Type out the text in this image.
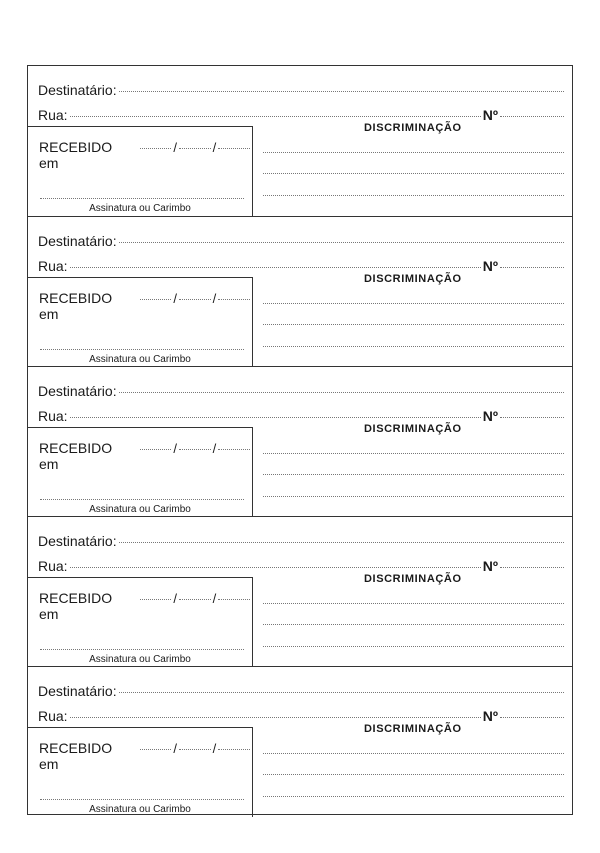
Destinatário:
Rua:	Nº
RECEBIDO em
/	/
Assinatura ou Carimbo
DISCRIMINAÇÃO
Destinatário:
Rua:	Nº
RECEBIDO em
/	/
Assinatura ou Carimbo
DISCRIMINAÇÃO
Destinatário:
Rua:	Nº
RECEBIDO em
/	/
Assinatura ou Carimbo
DISCRIMINAÇÃO
Destinatário:
Rua:	Nº
RECEBIDO em
/	/
Assinatura ou Carimbo
DISCRIMINAÇÃO
Destinatário:
Rua:	Nº
RECEBIDO em
/	/
Assinatura ou Carimbo
DISCRIMINAÇÃO
